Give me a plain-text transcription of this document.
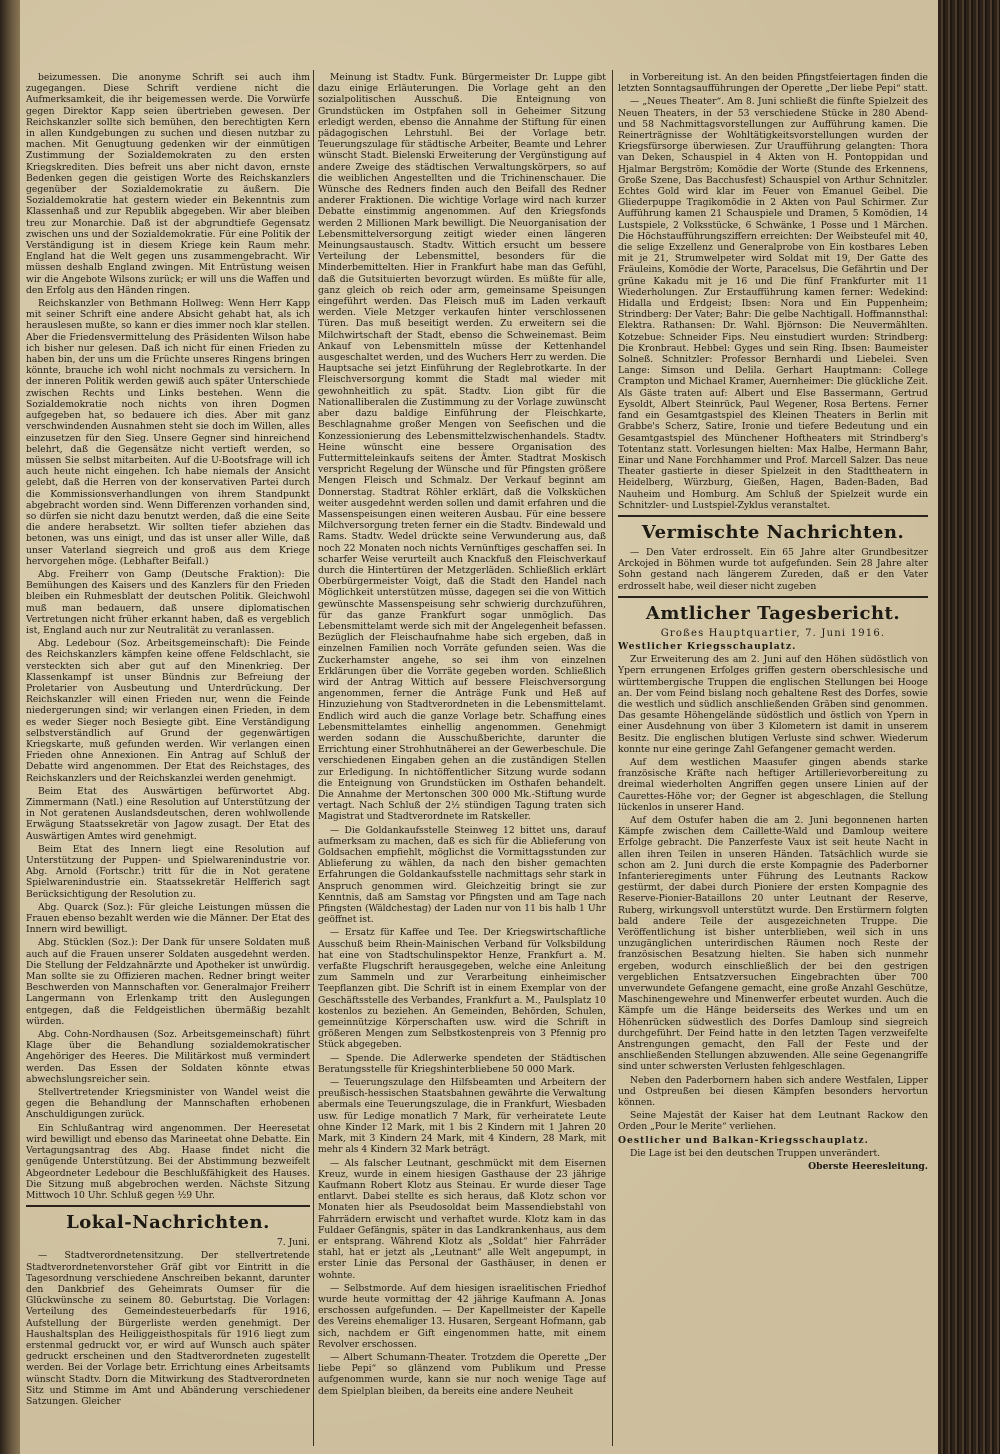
beizumessen. Die anonyme Schrift sei auch ihm zugegangen. Diese Schrift verdiene nicht die Aufmerksamkeit, die ihr beigemessen werde. Die Vorwürfe gegen Direktor Kapp seien übertrieben gewesen. Der Reichskanzler sollte sich bemühen, den berechtigten Kern in allen Kundgebungen zu suchen und diesen nutzbar zu machen. Mit Genugtuung gedenken wir der einmütigen Zustimmung der Sozialdemokraten zu den ersten Kriegskrediten. Dies befreit uns aber nicht davon, ernste Bedenken gegen die geistigen Worte des Reichskanzlers gegenüber der Sozialdemokratie zu äußern. Die Sozialdemokratie hat gestern wieder ein Bekenntnis zum Klassenhaß und zur Republik abgegeben. Wir aber bleiben treu zur Monarchie. Daß ist der abgrundtiefe Gegensatz zwischen uns und der Sozialdemokratie. Für eine Politik der Verständigung ist in diesem Kriege kein Raum mehr. England hat die Welt gegen uns zusammengebracht. Wir müssen deshalb England zwingen. Mit Entrüstung weisen wir die Angebote Wilsons zurück; er will uns die Waffen und den Erfolg aus den Händen ringen.

Reichskanzler von Bethmann Hollweg: Wenn Herr Kapp mit seiner Schrift eine andere Absicht gehabt hat, als ich herauslesen mußte, so kann er dies immer noch klar stellen. Aber die Friedensvermittelung des Präsidenten Wilson habe ich bisher nur gelesen. Daß ich nicht für einen Frieden zu haben bin, der uns um die Früchte unseres Ringens bringen könnte, brauche ich wohl nicht nochmals zu versichern. In der inneren Politik werden gewiß auch später Unterschiede zwischen Rechts und Links bestehen. Wenn die Sozialdemokratie noch nichts von ihren Dogmen aufgegeben hat, so bedauere ich dies. Aber mit ganz verschwindenden Ausnahmen steht sie doch im Willen, alles einzusetzen für den Sieg. Unsere Gegner sind hinreichend belehrt, daß die Gegensätze nicht vertieft werden, so müssen Sie selbst mitarbeiten. Auf die U-Bootsfrage will ich auch heute nicht eingehen. Ich habe niemals der Ansicht gelebt, daß die Herren von der konservativen Partei durch die Kommissionsverhandlungen von ihrem Standpunkt abgebracht worden sind. Wenn Differenzen vorhanden sind, so dürfen sie nicht dazu benutzt werden, daß die eine Seite die andere herabsetzt. Wir sollten tiefer abziehen das betonen, was uns einigt, und das ist unser aller Wille, daß unser Vaterland siegreich und groß aus dem Kriege hervorgehen möge. (Lebhafter Beifall.)

Abg. Freiherr von Gamp (Deutsche Fraktion): Die Bemühungen des Kaisers und des Kanzlers für den Frieden bleiben ein Ruhmesblatt der deutschen Politik. Gleichwohl muß man bedauern, daß unsere diplomatischen Vertretungen nicht früher erkannt haben, daß es vergeblich ist, England auch nur zur Neutralität zu veranlassen.

Abg. Ledebour (Soz. Arbeitsgemeinschaft): Die Feinde des Reichskanzlers kämpfen keine offene Feldschlacht, sie versteckten sich aber gut auf den Minenkrieg. Der Klassenkampf ist unser Bündnis zur Befreiung der Proletarier von Ausbeutung und Unterdrückung. Der Reichskanzler will einen Frieden nur, wenn die Feinde niedergerungen sind; wir verlangen einen Frieden, in dem es weder Sieger noch Besiegte gibt. Eine Verständigung selbstverständlich auf Grund der gegenwärtigen Kriegskarte, muß gefunden werden. Wir verlangen einen Frieden ohne Annexionen. Ein Antrag auf Schluß der Debatte wird angenommen. Der Etat des Reichstages, des Reichskanzlers und der Reichskanzlei werden genehmigt.

Beim Etat des Auswärtigen befürwortet Abg. Zimmermann (Natl.) eine Resolution auf Unterstützung der in Not geratenen Auslandsdeutschen, deren wohlwollende Erwägung Staatssekretär von Jagow zusagt. Der Etat des Auswärtigen Amtes wird genehmigt.

Beim Etat des Innern liegt eine Resolution auf Unterstützung der Puppen- und Spielwarenindustrie vor. Abg. Arnold (Fortschr.) tritt für die in Not geratene Spielwarenindustrie ein. Staatssekretär Helfferich sagt Berücksichtigung der Resolution zu.

Abg. Quarck (Soz.): Für gleiche Leistungen müssen die Frauen ebenso bezahlt werden wie die Männer. Der Etat des Innern wird bewilligt.

Abg. Stücklen (Soz.): Der Dank für unsere Soldaten muß auch auf die Frauen unserer Soldaten ausgedehnt werden. Die Stellung der Feldzahnärzte und Apotheker ist unwürdig. Man sollte sie zu Offizieren machen. Redner bringt weiter Beschwerden von Mannschaften vor. Generalmajor Freiherr Langermann von Erlenkamp tritt den Auslegungen entgegen, daß die Feldgeistlichen übermäßig bezahlt würden.

Abg. Cohn-Nordhausen (Soz. Arbeitsgemeinschaft) führt Klage über die Behandlung sozialdemokratischer Angehöriger des Heeres. Die Militärkost muß vermindert werden. Das Essen der Soldaten könnte etwas abwechslungsreicher sein.

Stellvertretender Kriegsminister von Wandel weist die gegen die Behandlung der Mannschaften erhobenen Anschuldigungen zurück.

Ein Schlußantrag wird angenommen. Der Heeresetat wird bewilligt und ebenso das Marineetat ohne Debatte. Ein Vertagungsantrag des Abg. Haase findet nicht die genügende Unterstützung. Bei der Abstimmung bezweifelt Abgeordneter Ledebour die Beschlußfähigkeit des Hauses. Die Sitzung muß abgebrochen werden. Nächste Sitzung Mittwoch 10 Uhr. Schluß gegen ½9 Uhr.

Lokal-Nachrichten.

7. Juni.

— Stadtverordnetensitzung. Der stellvertretende Stadtverordnetenvorsteher Gräf gibt vor Eintritt in die Tagesordnung verschiedene Anschreiben bekannt, darunter den Dankbrief des Geheimrats Oumser für die Glückwünsche zu seinem 80. Geburtstag. Die Vorlagen: Verteilung des Gemeindesteuerbedarfs für 1916, Aufstellung der Bürgerliste werden genehmigt. Der Haushaltsplan des Heiliggeisthospitals für 1916 liegt zum erstenmal gedruckt vor, er wird auf Wunsch auch später gedruckt erscheinen und den Stadtverordneten zugestellt werden. Bei der Vorlage betr. Errichtung eines Arbeitsamts wünscht Stadtv. Dorn die Mitwirkung des Stadtverordneten Sitz und Stimme im Amt und Abänderung verschiedener Satzungen. Gleicher

Meinung ist Stadtv. Funk. Bürgermeister Dr. Luppe gibt dazu einige Erläuterungen. Die Vorlage geht an den sozialpolitischen Ausschuß. Die Enteignung von Grundstücken im Ostpfahen soll in Geheimer Sitzung erledigt werden, ebenso die Annahme der Stiftung für einen pädagogischen Lehrstuhl. Bei der Vorlage betr. Teuerungszulage für städtische Arbeiter, Beamte und Lehrer wünscht Stadt. Bielenski Erweiterung der Vergünstigung auf andere Zweige des städtischen Verwaltungskörpers, so auf die weiblichen Angestellten und die Trichinenschauer. Die Wünsche des Redners finden auch den Beifall des Redner anderer Fraktionen. Die wichtige Vorlage wird nach kurzer Debatte einstimmig angenommen. Auf den Kriegsfonds werden 2 Millionen Mark bewilligt. Die Neuorganisation der Lebensmittelversorgung zeitigt wieder einen längeren Meinungsaustausch. Stadtv. Wittich ersucht um bessere Verteilung der Lebensmittel, besonders für die Minderbemittelten. Hier in Frankfurt habe man das Gefühl, daß die Gutsituierten bevorzugt würden. Es müßte für alle, ganz gleich ob reich oder arm, gemeinsame Speisungen eingeführt werden. Das Fleisch muß im Laden verkauft werden. Viele Metzger verkaufen hinter verschlossenen Türen. Das muß beseitigt werden. Zu erweitern sei die Milchwirtschaft der Stadt, ebenso die Schweinemast. Beim Ankauf von Lebensmitteln müsse der Kettenhandel ausgeschaltet werden, und des Wuchers Herr zu werden. Die Hauptsache sei jetzt Einführung der Reglebrotkarte. In der Fleischversorgung kommt die Stadt mal wieder mit gewohnheitlich zu spät. Stadtv. Lion gibt für die Nationalliberalen die Zustimmung zu der Vorlage zuwünscht aber dazu baldige Einführung der Fleischkarte, Beschlagnahme großer Mengen von Seefischen und die Konzessionierung des Lebensmittelzwischenhandels. Stadtv. Heine wünscht eine bessere Organisation des Futtermitteleinkaufs seitens der Ämter. Stadtrat Moskisch verspricht Regelung der Wünsche und für Pfingsten größere Mengen Fleisch und Schmalz. Der Verkauf beginnt am Donnerstag. Stadtrat Röhler erklärt, daß die Volksküchen weiter ausgedehnt werden sollen und damit erfahren und die Massenspeisungen einen weiteren Ausbau. Für eine bessere Milchversorgung treten ferner ein die Stadtv. Bindewald und Rams. Stadtv. Wedel drückte seine Verwunderung aus, daß noch 22 Monaten noch nichts Vernünftiges geschaffen sei. In scharfer Weise verurteilt auch Knackfuß den Fleischverkauf durch die Hintertüren der Metzgerläden. Schließlich erklärt Oberbürgermeister Voigt, daß die Stadt den Handel nach Möglichkeit unterstützen müsse, dagegen sei die von Wittich gewünschte Massenspeisung sehr schwierig durchzuführen, für das ganze Frankfurt sogar unmöglich. Das Lebensmittelamt werde sich mit der Angelegenheit befassen. Bezüglich der Fleischaufnahme habe sich ergeben, daß in einzelnen Familien noch Vorräte gefunden seien. Was die Zuckerhamster angehe, so sei ihm von einzelnen Erklärungen über die Vorräte gegeben worden. Schließlich wird der Antrag Wittich auf bessere Fleischversorgung angenommen, ferner die Anträge Funk und Heß auf Hinzuziehung von Stadtverordneten in die Lebensmittelamt. Endlich wird auch die ganze Vorlage betr. Schaffung eines Lebensmittelamtes einhellig angenommen. Genehmigt werden sodann die Ausschußberichte, darunter die Errichtung einer Strohhutnäherei an der Gewerbeschule. Die verschiedenen Eingaben gehen an die zuständigen Stellen zur Erledigung. In nichtöffentlicher Sitzung wurde sodann die Enteignung von Grundstücken im Osthafen behandelt. Die Annahme der Mertonschen 300 000 Mk.-Stiftung wurde vertagt. Nach Schluß der 2½ stündigen Tagung traten sich Magistrat und Stadtverordnete im Ratskeller.

— Die Goldankaufsstelle Steinweg 12 bittet uns, darauf aufmerksam zu machen, daß es sich für die Ablieferung von Goldsachen empfiehlt, möglichst die Vormittagsstunden zur Ablieferung zu wählen, da nach den bisher gemachten Erfahrungen die Goldankaufsstelle nachmittags sehr stark in Anspruch genommen wird. Gleichzeitig bringt sie zur Kenntnis, daß am Samstag vor Pfingsten und am Tage nach Pfingsten (Wäldchestag) der Laden nur von 11 bis halb 1 Uhr geöffnet ist.

— Ersatz für Kaffee und Tee. Der Kriegswirtschaftliche Ausschuß beim Rhein-Mainischen Verband für Volksbildung hat eine von Stadtschulinspektor Henze, Frankfurt a. M. verfaßte Flugschrift herausgegeben, welche eine Anleitung zum Sammeln und zur Verarbeitung einheimischer Teepflanzen gibt. Die Schrift ist in einem Exemplar von der Geschäftsstelle des Verbandes, Frankfurt a. M., Paulsplatz 10 kostenlos zu beziehen. An Gemeinden, Behörden, Schulen, gemeinnützige Körperschaften usw. wird die Schrift in größeren Mengen zum Selbstkostenpreis von 3 Pfennig pro Stück abgegeben.

— Spende. Die Adlerwerke spendeten der Städtischen Beratungsstelle für Kriegshinterbliebene 50 000 Mark.

— Teuerungszulage den Hilfsbeamten und Arbeitern der preußisch-hessischen Staatsbahnen gewährte die Verwaltung abermals eine Teuerungszulage, die in Frankfurt, Wiesbaden usw. für Ledige monatlich 7 Mark, für verheiratete Leute ohne Kinder 12 Mark, mit 1 bis 2 Kindern mit 1 Jahren 20 Mark, mit 3 Kindern 24 Mark, mit 4 Kindern, 28 Mark, mit mehr als 4 Kindern 32 Mark beträgt.

— Als falscher Leutnant, geschmückt mit dem Eisernen Kreuz, wurde in einem hiesigen Gasthause der 23 jährige Kaufmann Robert Klotz aus Steinau. Er wurde dieser Tage entlarvt. Dabei stellte es sich heraus, daß Klotz schon vor Monaten hier als Pseudosoldat beim Massendiebstahl von Fahrrädern erwischt und verhaftet wurde. Klotz kam in das Fuldaer Gefängnis, später in das Landkrankenhaus, aus dem er entsprang. Während Klotz als „Soldat“ hier Fahrräder stahl, hat er jetzt als „Leutnant“ alle Welt angepumpt, in erster Linie das Personal der Gasthäuser, in denen er wohnte.

— Selbstmorde. Auf dem hiesigen israelitischen Friedhof wurde heute vormittag der 42 jährige Kaufmann A. Jonas erschossen aufgefunden. — Der Kapellmeister der Kapelle des Vereins ehemaliger 13. Husaren, Sergeant Hofmann, gab sich, nachdem er Gift eingenommen hatte, mit einem Revolver erschossen.

— Albert Schumann-Theater. Trotzdem die Operette „Der liebe Pepi“ so glänzend vom Publikum und Presse aufgenommen wurde, kann sie nur noch wenige Tage auf dem Spielplan bleiben, da bereits eine andere Neuheit

in Vorbereitung ist. An den beiden Pfingstfeiertagen finden die letzten Sonntagsaufführungen der Operette „Der liebe Pepi“ statt.

— „Neues Theater“. Am 8. Juni schließt die fünfte Spielzeit des Neuen Theaters, in der 53 verschiedene Stücke in 280 Abend- und 58 Nachmittagsvorstellungen zur Aufführung kamen. Die Reinerträgnisse der Wohltätigkeitsvorstellungen wurden der Kriegsfürsorge überwiesen. Zur Uraufführung gelangten: Thora van Deken, Schauspiel in 4 Akten von H. Pontoppidan und Hjalmar Bergström; Komödie der Worte (Stunde des Erkennens, Große Szene, Das Bacchusfest) Schauspiel von Arthur Schnitzler. Echtes Gold wird klar im Feuer von Emanuel Geibel. Die Gliederpuppe Tragikomödie in 2 Akten von Paul Schirmer. Zur Aufführung kamen 21 Schauspiele und Dramen, 5 Komödien, 14 Lustspiele, 2 Volksstücke, 6 Schwänke, 1 Posse und 1 Märchen. Die Höchstaufführungsziffern erreichten: Der Weibsteufel mit 40, die selige Exzellenz und Generalprobe von Ein kostbares Leben mit je 21, Strumwelpeter wird Soldat mit 19, Der Gatte des Fräuleins, Komödie der Worte, Paracelsus, Die Gefährtin und Der grüne Kakadu mit je 16 und Die fünf Frankfurter mit 11 Wiederholungen. Zur Erstaufführung kamen ferner: Wedekind: Hidalla und Erdgeist; Ibsen: Nora und Ein Puppenheim; Strindberg: Der Vater; Bahr: Die gelbe Nachtigall. Hoffmannsthal: Elektra. Rathansen: Dr. Wahl. Björnson: Die Neuvermählten. Kotzebue: Schneider Fips. Neu einstudiert wurden: Strindberg: Die Kronbraut. Hebbel: Gyges und sein Ring. Ibsen: Baumeister Solneß. Schnitzler: Professor Bernhardi und Liebelei. Sven Lange: Simson und Delila. Gerhart Hauptmann: College Crampton und Michael Kramer, Auernheimer: Die glückliche Zeit. Als Gäste traten auf: Albert und Else Bassermann, Gertrud Eysoldt, Albert Steinrück, Paul Wegener, Rosa Bertens. Ferner fand ein Gesamtgastspiel des Kleinen Theaters in Berlin mit Grabbe's Scherz, Satire, Ironie und tiefere Bedeutung und ein Gesamtgastspiel des Münchener Hoftheaters mit Strindberg's Totentanz statt. Vorlesungen hielten: Max Halbe, Hermann Bahr, Einar und Nane Forchhammer und Prof. Marcell Salzer. Das neue Theater gastierte in dieser Spielzeit in den Stadttheatern in Heidelberg, Würzburg, Gießen, Hagen, Baden-Baden, Bad Nauheim und Homburg. Am Schluß der Spielzeit wurde ein Schnitzler- und Lustspiel-Zyklus veranstaltet.

Vermischte Nachrichten.

— Den Vater erdrosselt. Ein 65 Jahre alter Grundbesitzer Arckojed in Böhmen wurde tot aufgefunden. Sein 28 Jahre alter Sohn gestand nach längerem Zureden, daß er den Vater erdrosselt habe, weil dieser nicht zugeben

Amtlicher Tagesbericht.

Großes Hauptquartier, 7. Juni 1916.

Westlicher Kriegsschauplatz.

Zur Erweiterung des am 2. Juni auf den Höhen südöstlich von Ypern errungenen Erfolges griffen gestern oberschlesische und württembergische Truppen die englischen Stellungen bei Hooge an. Der vom Feind bislang noch gehaltene Rest des Dorfes, sowie die westlich und südlich anschließenden Gräben sind genommen. Das gesamte Höhengelände südöstlich und östlich von Ypern in einer Ausdehnung von über 3 Kilometern ist damit in unserem Besitz. Die englischen blutigen Verluste sind schwer. Wiederum konnte nur eine geringe Zahl Gefangener gemacht werden.

Auf dem westlichen Maasufer gingen abends starke französische Kräfte nach heftiger Artillerievorbereitung zu dreimal wiederholten Angriffen gegen unsere Linien auf der Caurettes-Höhe vor; der Gegner ist abgeschlagen, die Stellung lückenlos in unserer Hand.

Auf dem Ostufer haben die am 2. Juni begonnenen harten Kämpfe zwischen dem Caillette-Wald und Damloup weitere Erfolge gebracht. Die Panzerfeste Vaux ist seit heute Nacht in allen ihren Teilen in unseren Händen. Tatsächlich wurde sie schon am 2. Juni durch die erste Kompagnie des Paderborner Infanterieregiments unter Führung des Leutnants Rackow gestürmt, der dabei durch Pioniere der ersten Kompagnie des Reserve-Pionier-Bataillons 20 unter Leutnant der Reserve, Ruberg, wirkungsvoll unterstützt wurde. Den Erstürmern folgten bald andere Teile der ausgezeichneten Truppe. Die Veröffentlichung ist bisher unterblieben, weil sich in uns unzugänglichen unterirdischen Räumen noch Reste der französischen Besatzung hielten. Sie haben sich nunmehr ergeben, wodurch einschließlich der bei den gestrigen vergeblichen Entsatzversuchen Eingebrachten über 700 unverwundete Gefangene gemacht, eine große Anzahl Geschütze, Maschinengewehre und Minenwerfer erbeutet wurden. Auch die Kämpfe um die Hänge beiderseits des Werkes und um en Höhenrücken südwestlich des Dorfes Damloup sind siegreich durchgeführt. Der Feind hatte in den letzten Tagen verzweifelte Anstrengungen gemacht, den Fall der Feste und der anschließenden Stellungen abzuwenden. Alle seine Gegenangriffe sind unter schwersten Verlusten fehlgeschlagen.

Neben den Paderbornern haben sich andere Westfalen, Lipper und Ostpreußen bei diesen Kämpfen besonders hervortun können.

Seine Majestät der Kaiser hat dem Leutnant Rackow den Orden „Pour le Merite“ verliehen.

Oestlicher und Balkan-Kriegsschauplatz.

Die Lage ist bei den deutschen Truppen unverändert.

Oberste Heeresleitung.
